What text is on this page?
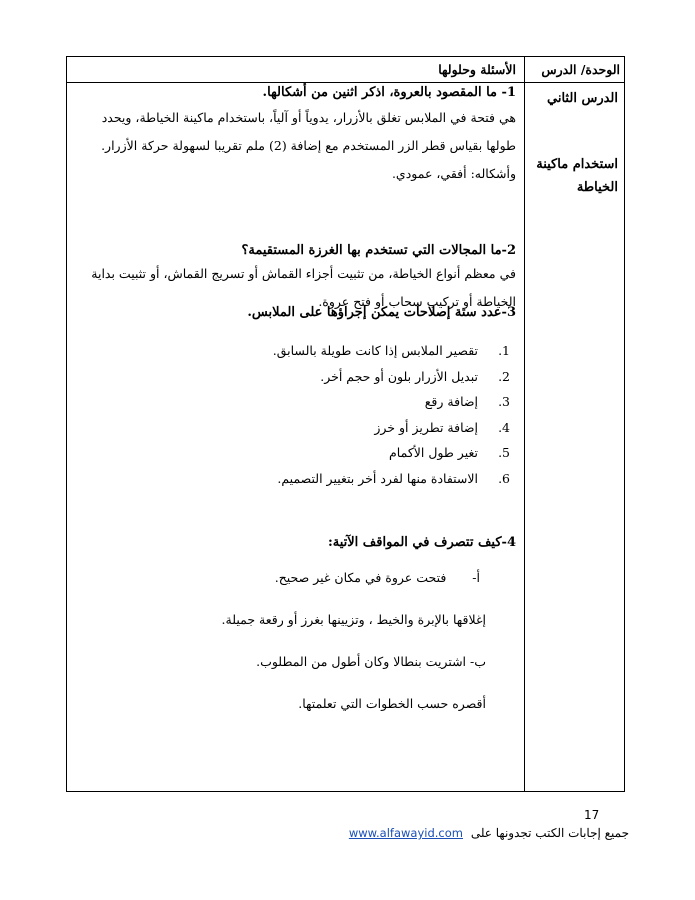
الوحدة/ الدرس
الأسئلة وحلولها
الدرس الثاني
استخدام ماكينة الخياطة
1- ما المقصود بالعروة، اذكر اثنين من أشكالها.
هي فتحة في الملابس تغلق بالأزرار، يدوياً أو آلياً، باستخدام ماكينة الخياطة، ويحدد
طولها بقياس قطر الزر المستخدم مع إضافة (2) ملم تقريبا لسهولة حركة الأزرار.
وأشكاله: أفقي، عمودي.
2-ما المجالات التي تستخدم بها الغرزة المستقيمة؟
في معظم أنواع الخياطة، من تثبيت أجزاء القماش أو تسريج القماش، أو تثبيت بداية
الخياطة أو تركيب سحاب أو فتح عروة.
3-عدد ستة إصلاحات يمكن إجراؤها على الملابس.
1.
تقصير الملابس إذا كانت طويلة بالسابق.
2.
تبديل الأزرار بلون أو حجم أخر.
3.
إضافة رقع
4.
إضافة تطريز أو خرز
5.
تغير طول الأكمام
6.
الاستفادة منها لفرد أخر بتغيير التصميم.
4-كيف تتصرف في المواقف الآتية:
أ-  فتحت عروة في مكان غير صحيح.
إغلاقها بالإبرة والخيط ، وتزيينها بغرز أو رقعة جميلة.
ب- اشتريت بنطالا وكان أطول من المطلوب.
أقصره حسب الخطوات التي تعلمتها.
17
جميع إجابات الكتب تجدونها على www.alfawayid.com
